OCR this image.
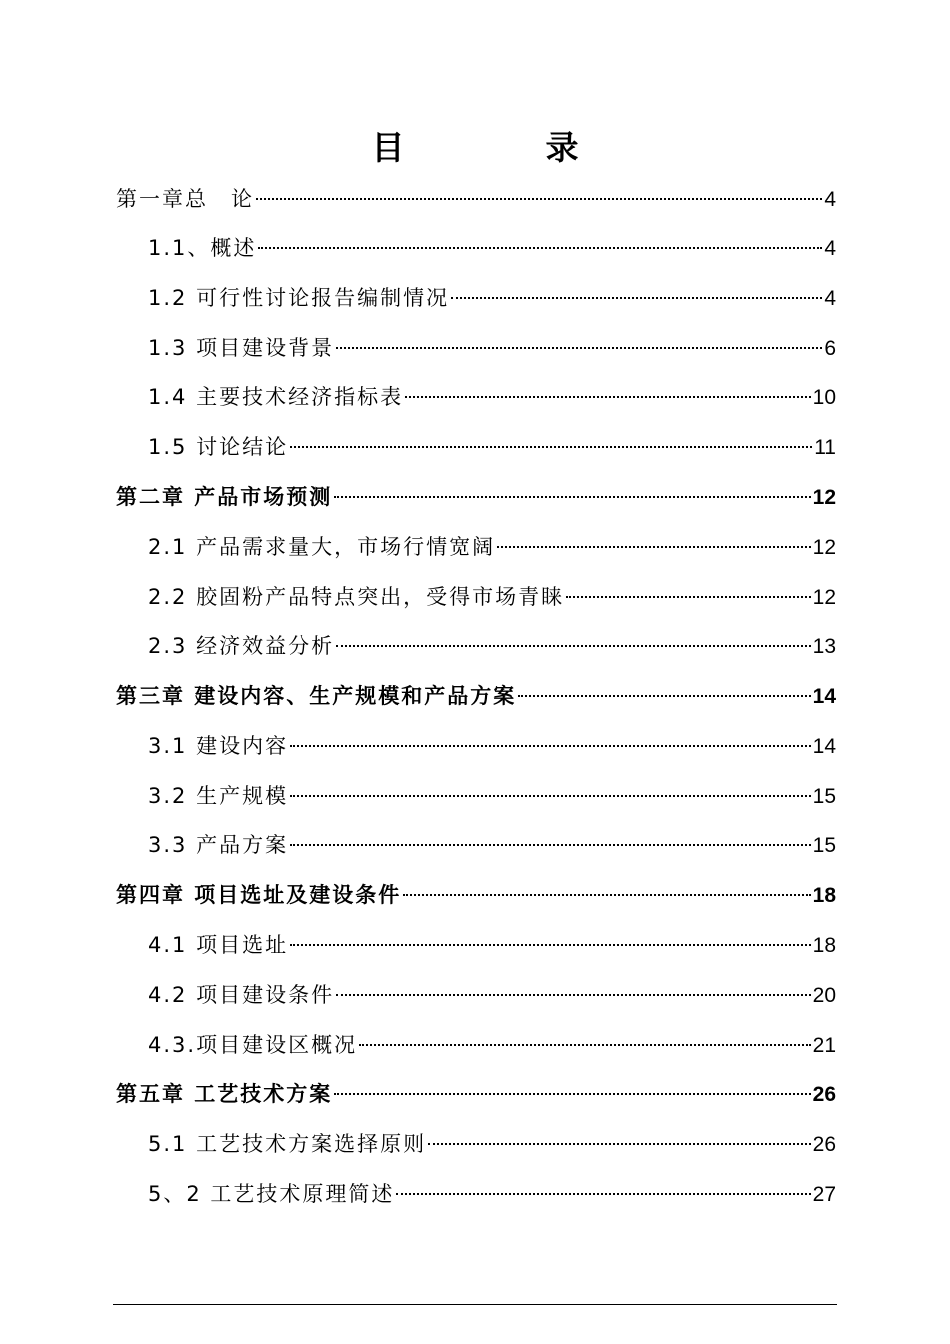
目　录
第一章总　论	4
1.1、概述	4
1.2 可行性讨论报告编制情况	4
1.3 项目建设背景	6
1.4 主要技术经济指标表	10
1.5 讨论结论	11
第二章 产品市场预测	12
2.1 产品需求量大，市场行情宽阔	12
2.2 胶固粉产品特点突出，受得市场青睐	12
2.3 经济效益分析	13
第三章 建设内容、生产规模和产品方案	14
3.1 建设内容	14
3.2 生产规模	15
3.3 产品方案	15
第四章 项目选址及建设条件	18
4.1 项目选址	18
4.2 项目建设条件	20
4.3.项目建设区概况	21
第五章 工艺技术方案	26
5.1 工艺技术方案选择原则	26
5、2 工艺技术原理简述	27
